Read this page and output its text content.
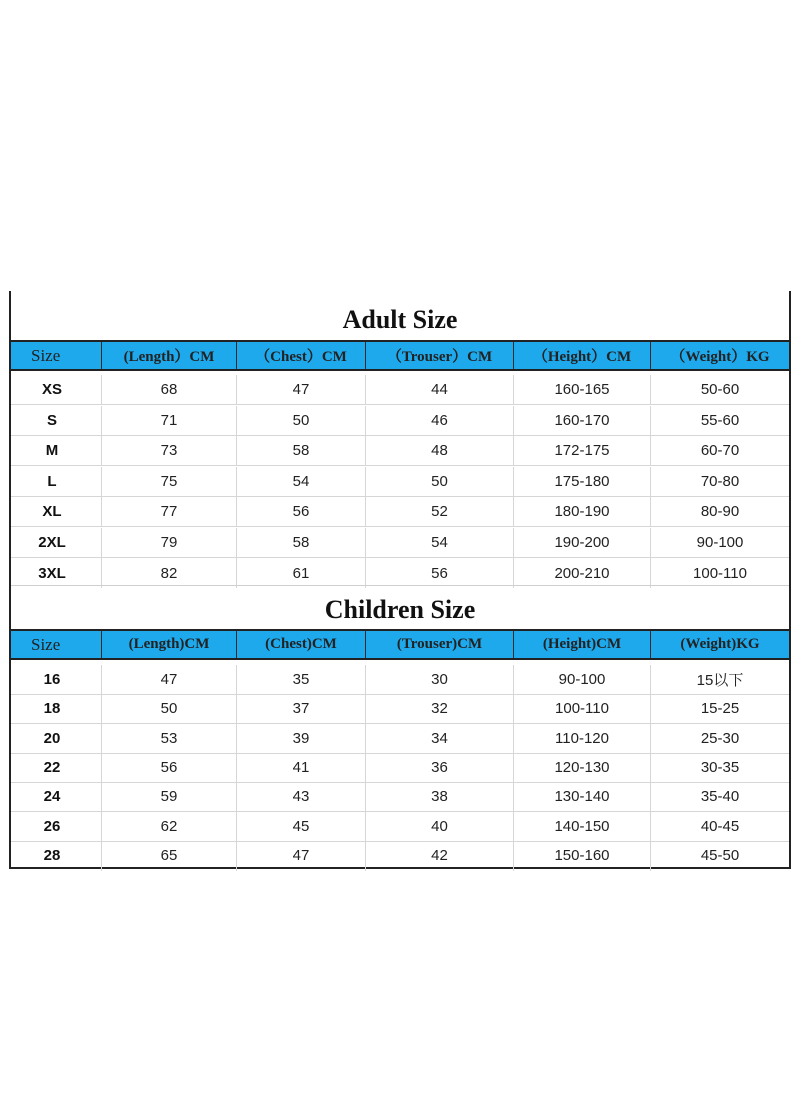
Adult Size
Size	(Length）CM	（Chest）CM	（Trouser）CM	（Height）CM	（Weight）KG
XS	68	47	44	160-165	50-60
S	71	50	46	160-170	55-60
M	73	58	48	172-175	60-70
L	75	54	50	175-180	70-80
XL	77	56	52	180-190	80-90
2XL	79	58	54	190-200	90-100
3XL	82	61	56	200-210	100-110
Children Size
Size	(Length)CM	(Chest)CM	(Trouser)CM	(Height)CM	(Weight)KG
16	47	35	30	90-100	15以下
18	50	37	32	100-110	15-25
20	53	39	34	110-120	25-30
22	56	41	36	120-130	30-35
24	59	43	38	130-140	35-40
26	62	45	40	140-150	40-45
28	65	47	42	150-160	45-50
